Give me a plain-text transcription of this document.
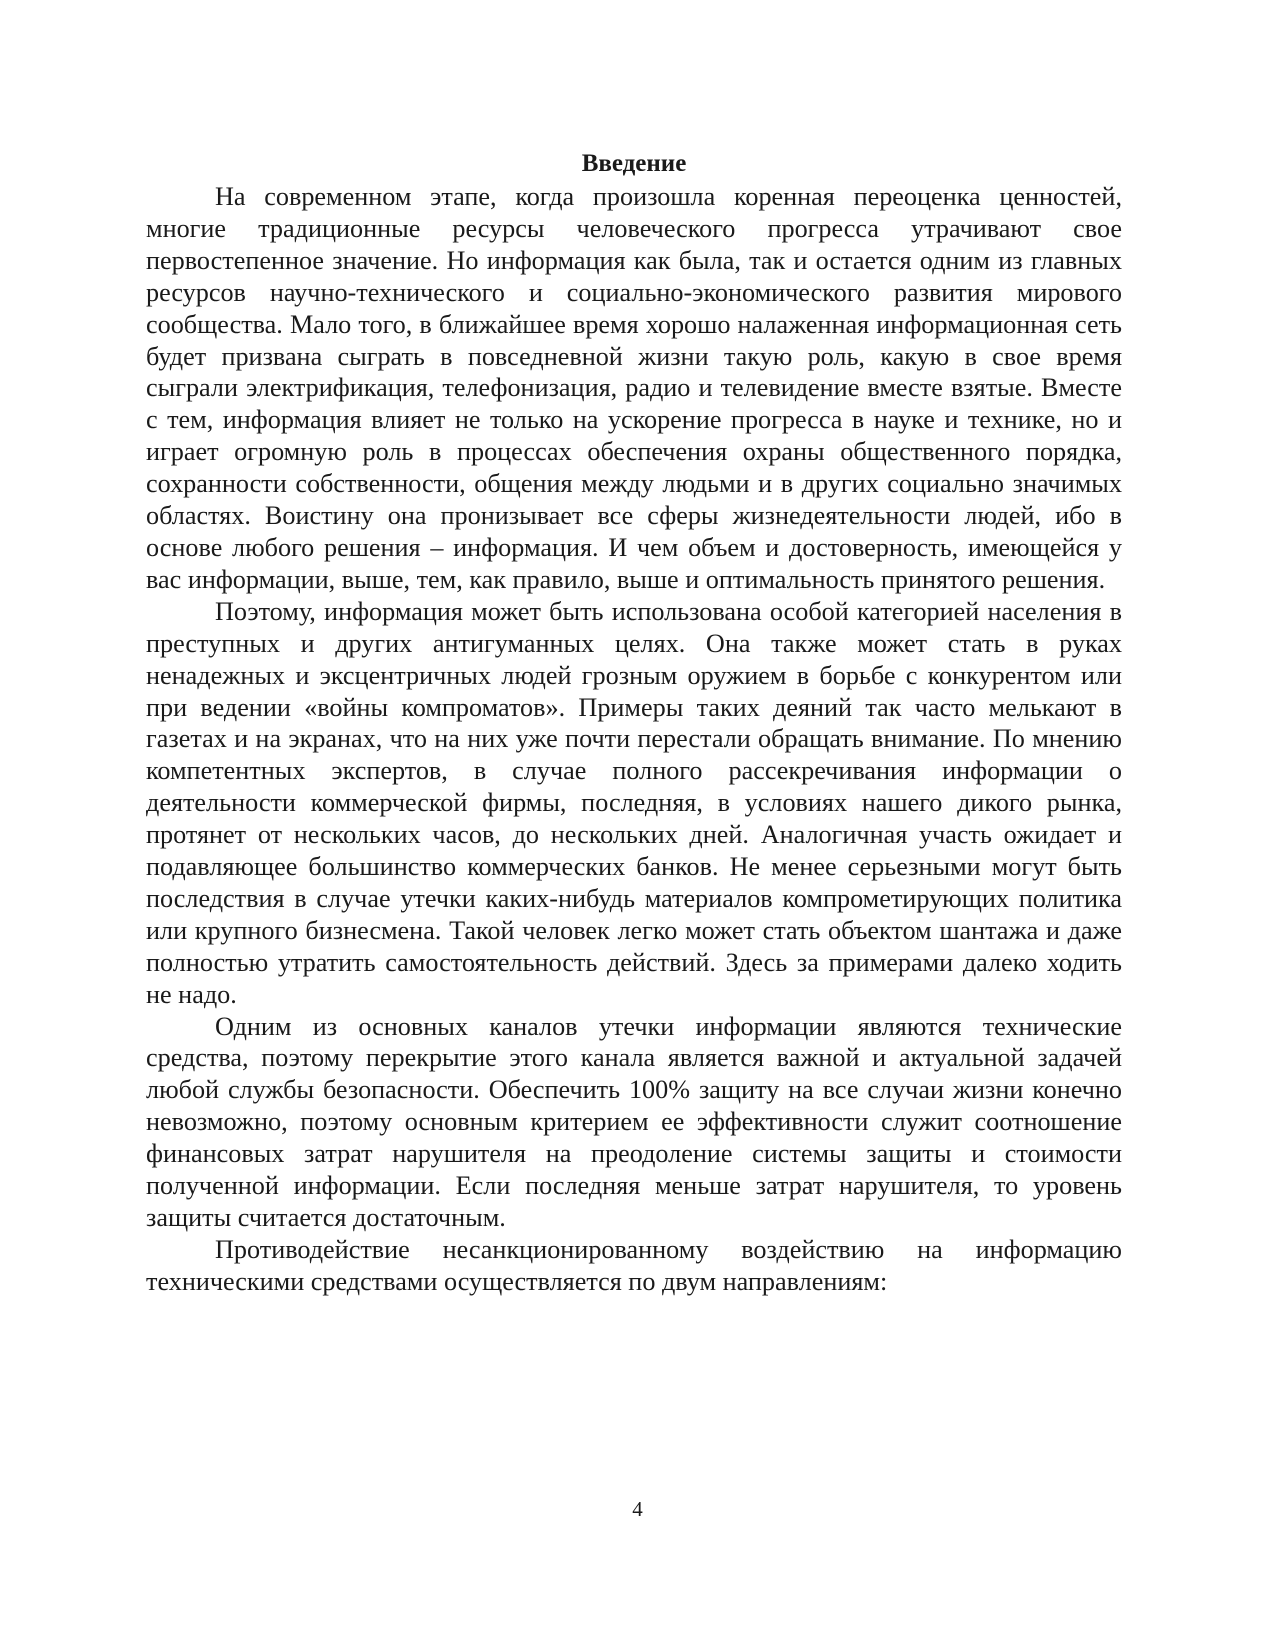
Введение

На современном этапе, когда произошла коренная переоценка ценностей, многие традиционные ресурсы человеческого прогресса утрачивают свое первостепенное значение. Но информация как была, так и остается одним из главных ресурсов научно-технического и социально-экономического развития мирового сообщества. Мало того, в ближайшее время хорошо налаженная информационная сеть будет призвана сыграть в повседневной жизни такую роль, какую в свое время сыграли электрификация, телефонизация, радио и телевидение вместе взятые. Вместе с тем, информация влияет не только на ускорение прогресса в науке и технике, но и играет огромную роль в процессах обеспечения охраны общественного порядка, сохранности собственности, общения между людьми и в других социально значимых областях. Воистину она пронизывает все сферы жизнедеятельности людей, ибо в основе любого решения – информация. И чем объем и достоверность, имеющейся у вас информации, выше, тем, как правило, выше и оптимальность принятого решения.

Поэтому, информация может быть использована особой категорией населения в преступных и других антигуманных целях. Она также может стать в руках ненадежных и эксцентричных людей грозным оружием в борьбе с конкурентом или при ведении «войны компроматов». Примеры таких деяний так часто мелькают в газетах и на экранах, что на них уже почти перестали обращать внимание. По мнению компетентных экспертов, в случае полного рассекречивания информации о деятельности коммерческой фирмы, последняя, в условиях нашего дикого рынка, протянет от нескольких часов, до нескольких дней. Аналогичная участь ожидает и подавляющее большинство коммерческих банков. Не менее серьезными могут быть последствия в случае утечки каких-нибудь материалов компрометирующих политика или крупного бизнесмена. Такой человек легко может стать объектом шантажа и даже полностью утратить самостоятельность действий. Здесь за примерами далеко ходить не надо.

Одним из основных каналов утечки информации являются технические средства, поэтому перекрытие этого канала является важной и актуальной задачей любой службы безопасности. Обеспечить 100% защиту на все случаи жизни конечно невозможно, поэтому основным критерием ее эффективности служит соотношение финансовых затрат нарушителя на преодоление системы защиты и стоимости полученной информации. Если последняя меньше затрат нарушителя, то уровень защиты считается достаточным.

Противодействие несанкционированному воздействию на информацию техническими средствами осуществляется по двум направлениям:

4
